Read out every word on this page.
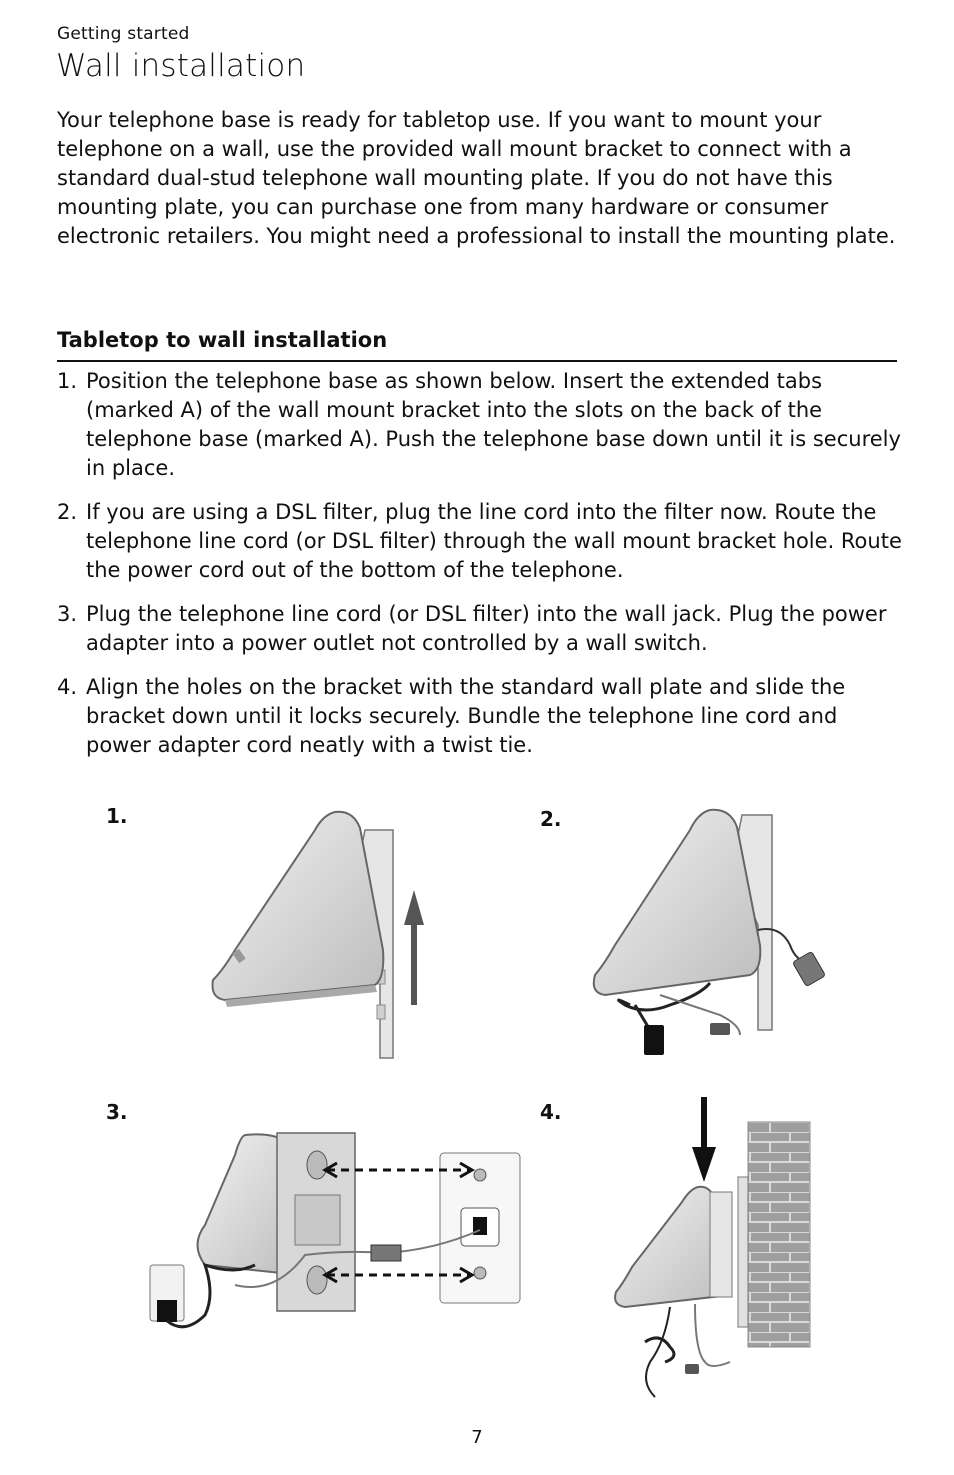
Getting started
Wall installation

Your telephone base is ready for tabletop use. If you want to mount your telephone on a wall, use the provided wall mount bracket to connect with a standard dual-stud telephone wall mounting plate. If you do not have this mounting plate, you can purchase one from many hardware or consumer electronic retailers. You might need a professional to install the mounting plate.

Tabletop to wall installation
1. Position the telephone base as shown below. Insert the extended tabs (marked A) of the wall mount bracket into the slots on the back of the telephone base (marked A). Push the telephone base down until it is securely in place.
2. If you are using a DSL filter, plug the line cord into the filter now. Route the telephone line cord (or DSL filter) through the wall mount bracket hole. Route the power cord out of the bottom of the telephone.
3. Plug the telephone line cord (or DSL filter) into the wall jack. Plug the power adapter into a power outlet not controlled by a wall switch.
4. Align the holes on the bracket with the standard wall plate and slide the bracket down until it locks securely. Bundle the telephone line cord and power adapter cord neatly with a twist tie.
1.	2.
3.	4.
7
